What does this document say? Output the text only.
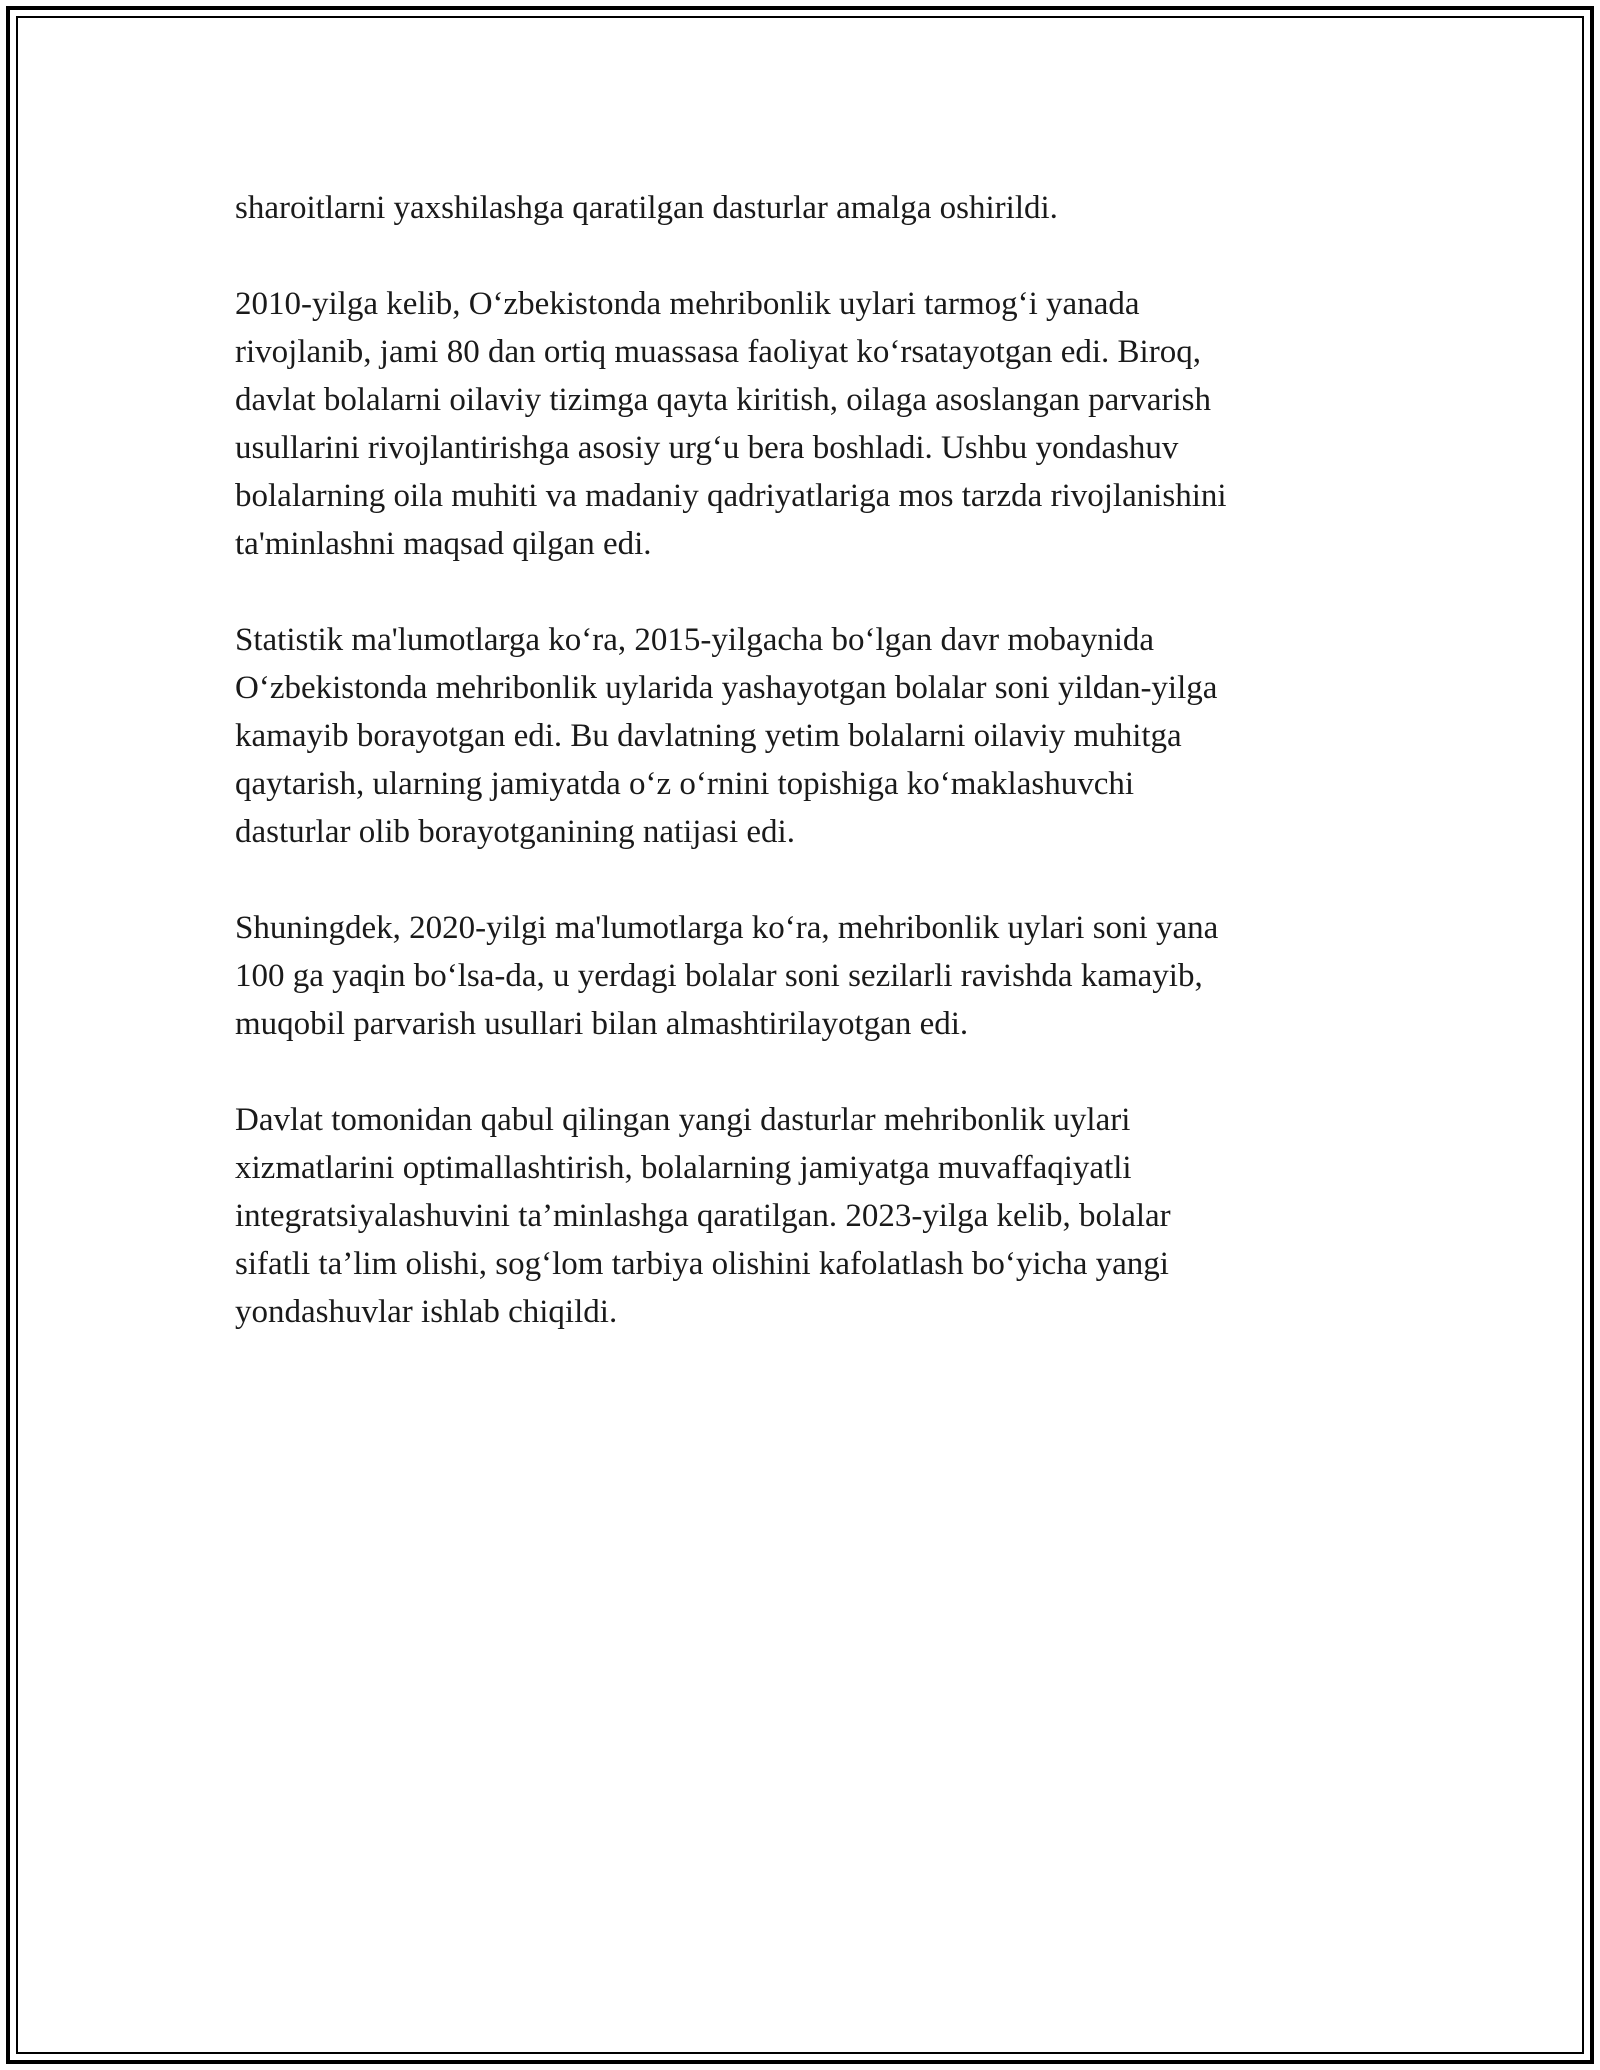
sharoitlarni yaxshilashga qaratilgan dasturlar amalga oshirildi.

2010-yilga kelib, O‘zbekistonda mehribonlik uylari tarmog‘i yanada
rivojlanib, jami 80 dan ortiq muassasa faoliyat ko‘rsatayotgan edi. Biroq,
davlat bolalarni oilaviy tizimga qayta kiritish, oilaga asoslangan parvarish
usullarini rivojlantirishga asosiy urg‘u bera boshladi. Ushbu yondashuv
bolalarning oila muhiti va madaniy qadriyatlariga mos tarzda rivojlanishini
ta'minlashni maqsad qilgan edi.

Statistik ma'lumotlarga ko‘ra, 2015-yilgacha bo‘lgan davr mobaynida
O‘zbekistonda mehribonlik uylarida yashayotgan bolalar soni yildan-yilga
kamayib borayotgan edi. Bu davlatning yetim bolalarni oilaviy muhitga
qaytarish, ularning jamiyatda o‘z o‘rnini topishiga ko‘maklashuvchi
dasturlar olib borayotganining natijasi edi.

Shuningdek, 2020-yilgi ma'lumotlarga ko‘ra, mehribonlik uylari soni yana
100 ga yaqin bo‘lsa-da, u yerdagi bolalar soni sezilarli ravishda kamayib,
muqobil parvarish usullari bilan almashtirilayotgan edi.

Davlat tomonidan qabul qilingan yangi dasturlar mehribonlik uylari
xizmatlarini optimallashtirish, bolalarning jamiyatga muvaffaqiyatli
integratsiyalashuvini ta’minlashga qaratilgan. 2023-yilga kelib, bolalar
sifatli ta’lim olishi, sog‘lom tarbiya olishini kafolatlash bo‘yicha yangi
yondashuvlar ishlab chiqildi.
